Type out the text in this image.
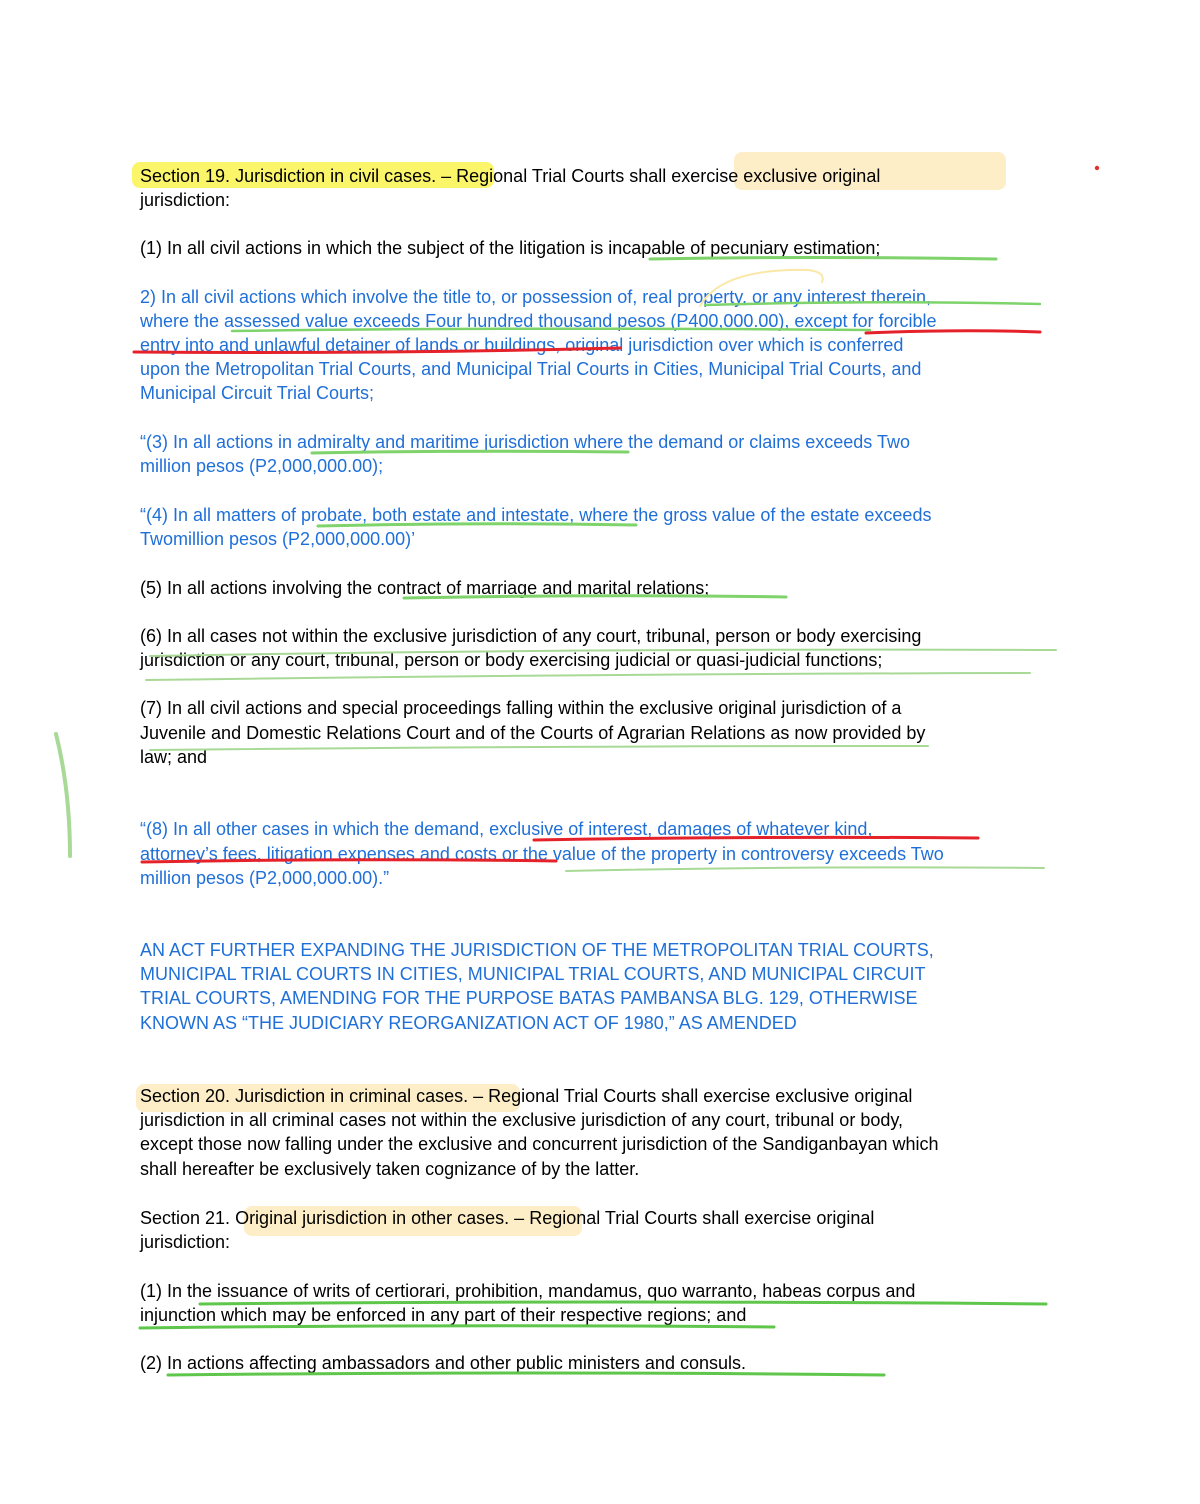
Section 19. Jurisdiction in civil cases. – Regional Trial Courts shall exercise exclusive original
jurisdiction:
(1) In all civil actions in which the subject of the litigation is incapable of pecuniary estimation;
2) In all civil actions which involve the title to, or possession of, real property, or any interest therein,
where the assessed value exceeds Four hundred thousand pesos (P400,000.00), except for forcible
entry into and unlawful detainer of lands or buildings, original jurisdiction over which is conferred
upon the Metropolitan Trial Courts, and Municipal Trial Courts in Cities, Municipal Trial Courts, and
Municipal Circuit Trial Courts;
“(3) In all actions in admiralty and maritime jurisdiction where the demand or claims exceeds Two
million pesos (P2,000,000.00);
“(4) In all matters of probate, both estate and intestate, where the gross value of the estate exceeds
Twomillion pesos (P2,000,000.00)’
(5) In all actions involving the contract of marriage and marital relations;
(6) In all cases not within the exclusive jurisdiction of any court, tribunal, person or body exercising
jurisdiction or any court, tribunal, person or body exercising judicial or quasi-judicial functions;
(7) In all civil actions and special proceedings falling within the exclusive original jurisdiction of a
Juvenile and Domestic Relations Court and of the Courts of Agrarian Relations as now provided by
law; and
“(8) In all other cases in which the demand, exclusive of interest, damages of whatever kind,
attorney’s fees, litigation expenses and costs or the value of the property in controversy exceeds Two
million pesos (P2,000,000.00).”
AN ACT FURTHER EXPANDING THE JURISDICTION OF THE METROPOLITAN TRIAL COURTS,
MUNICIPAL TRIAL COURTS IN CITIES, MUNICIPAL TRIAL COURTS, AND MUNICIPAL CIRCUIT
TRIAL COURTS, AMENDING FOR THE PURPOSE BATAS PAMBANSA BLG. 129, OTHERWISE
KNOWN AS “THE JUDICIARY REORGANIZATION ACT OF 1980,” AS AMENDED
Section 20. Jurisdiction in criminal cases. – Regional Trial Courts shall exercise exclusive original
jurisdiction in all criminal cases not within the exclusive jurisdiction of any court, tribunal or body,
except those now falling under the exclusive and concurrent jurisdiction of the Sandiganbayan which
shall hereafter be exclusively taken cognizance of by the latter.
Section 21. Original jurisdiction in other cases. – Regional Trial Courts shall exercise original
jurisdiction:
(1) In the issuance of writs of certiorari, prohibition, mandamus, quo warranto, habeas corpus and
injunction which may be enforced in any part of their respective regions; and
(2) In actions affecting ambassadors and other public ministers and consuls.
